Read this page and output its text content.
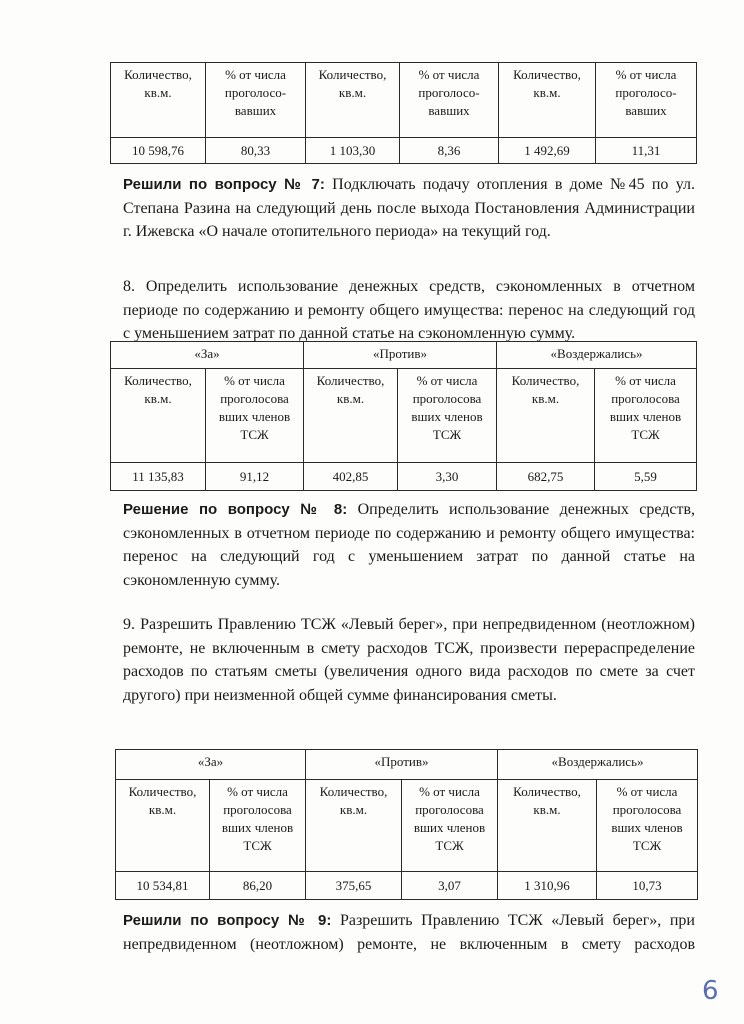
Количество, кв.м.	% от числа проголосо-вавших	Количество, кв.м.	% от числа проголосо-вавших	Количество, кв.м.	% от числа проголосо-вавших
10 598,76	80,33	1 103,30	8,36	1 492,69	11,31

Решили по вопросу № 7: Подключать подачу отопления в доме №45 по ул. Степана Разина на следующий день после выхода Постановления Администрации г. Ижевска «О начале отопительного периода» на текущий год.

8. Определить использование денежных средств, сэкономленных в отчетном периоде по содержанию и ремонту общего имущества: перенос на следующий год с уменьшением затрат по данной статье на сэкономленную сумму.

«За»		«Против»		«Воздержались»	
Количество, кв.м.	% от числа проголосова вших членов ТСЖ	Количество, кв.м.	% от числа проголосова вших членов ТСЖ	Количество, кв.м.	% от числа проголосова вших членов ТСЖ
11 135,83	91,12	402,85	3,30	682,75	5,59

Решение по вопросу № 8: Определить использование денежных средств, сэкономленных в отчетном периоде по содержанию и ремонту общего имущества: перенос на следующий год с уменьшением затрат по данной статье на сэкономленную сумму.

9. Разрешить Правлению ТСЖ «Левый берег», при непредвиденном (неотложном) ремонте, не включенным в смету расходов ТСЖ, произвести перераспределение расходов по статьям сметы (увеличения одного вида расходов по смете за счет другого) при неизменной общей сумме финансирования сметы.

«За»		«Против»		«Воздержались»	
Количество, кв.м.	% от числа проголосова вших членов ТСЖ	Количество, кв.м.	% от числа проголосова вших членов ТСЖ	Количество, кв.м.	% от числа проголосова вших членов ТСЖ
10 534,81	86,20	375,65	3,07	1 310,96	10,73

Решили по вопросу № 9: Разрешить Правлению ТСЖ «Левый берег», при непредвиденном (неотложном) ремонте, не включенным в смету расходов

6
